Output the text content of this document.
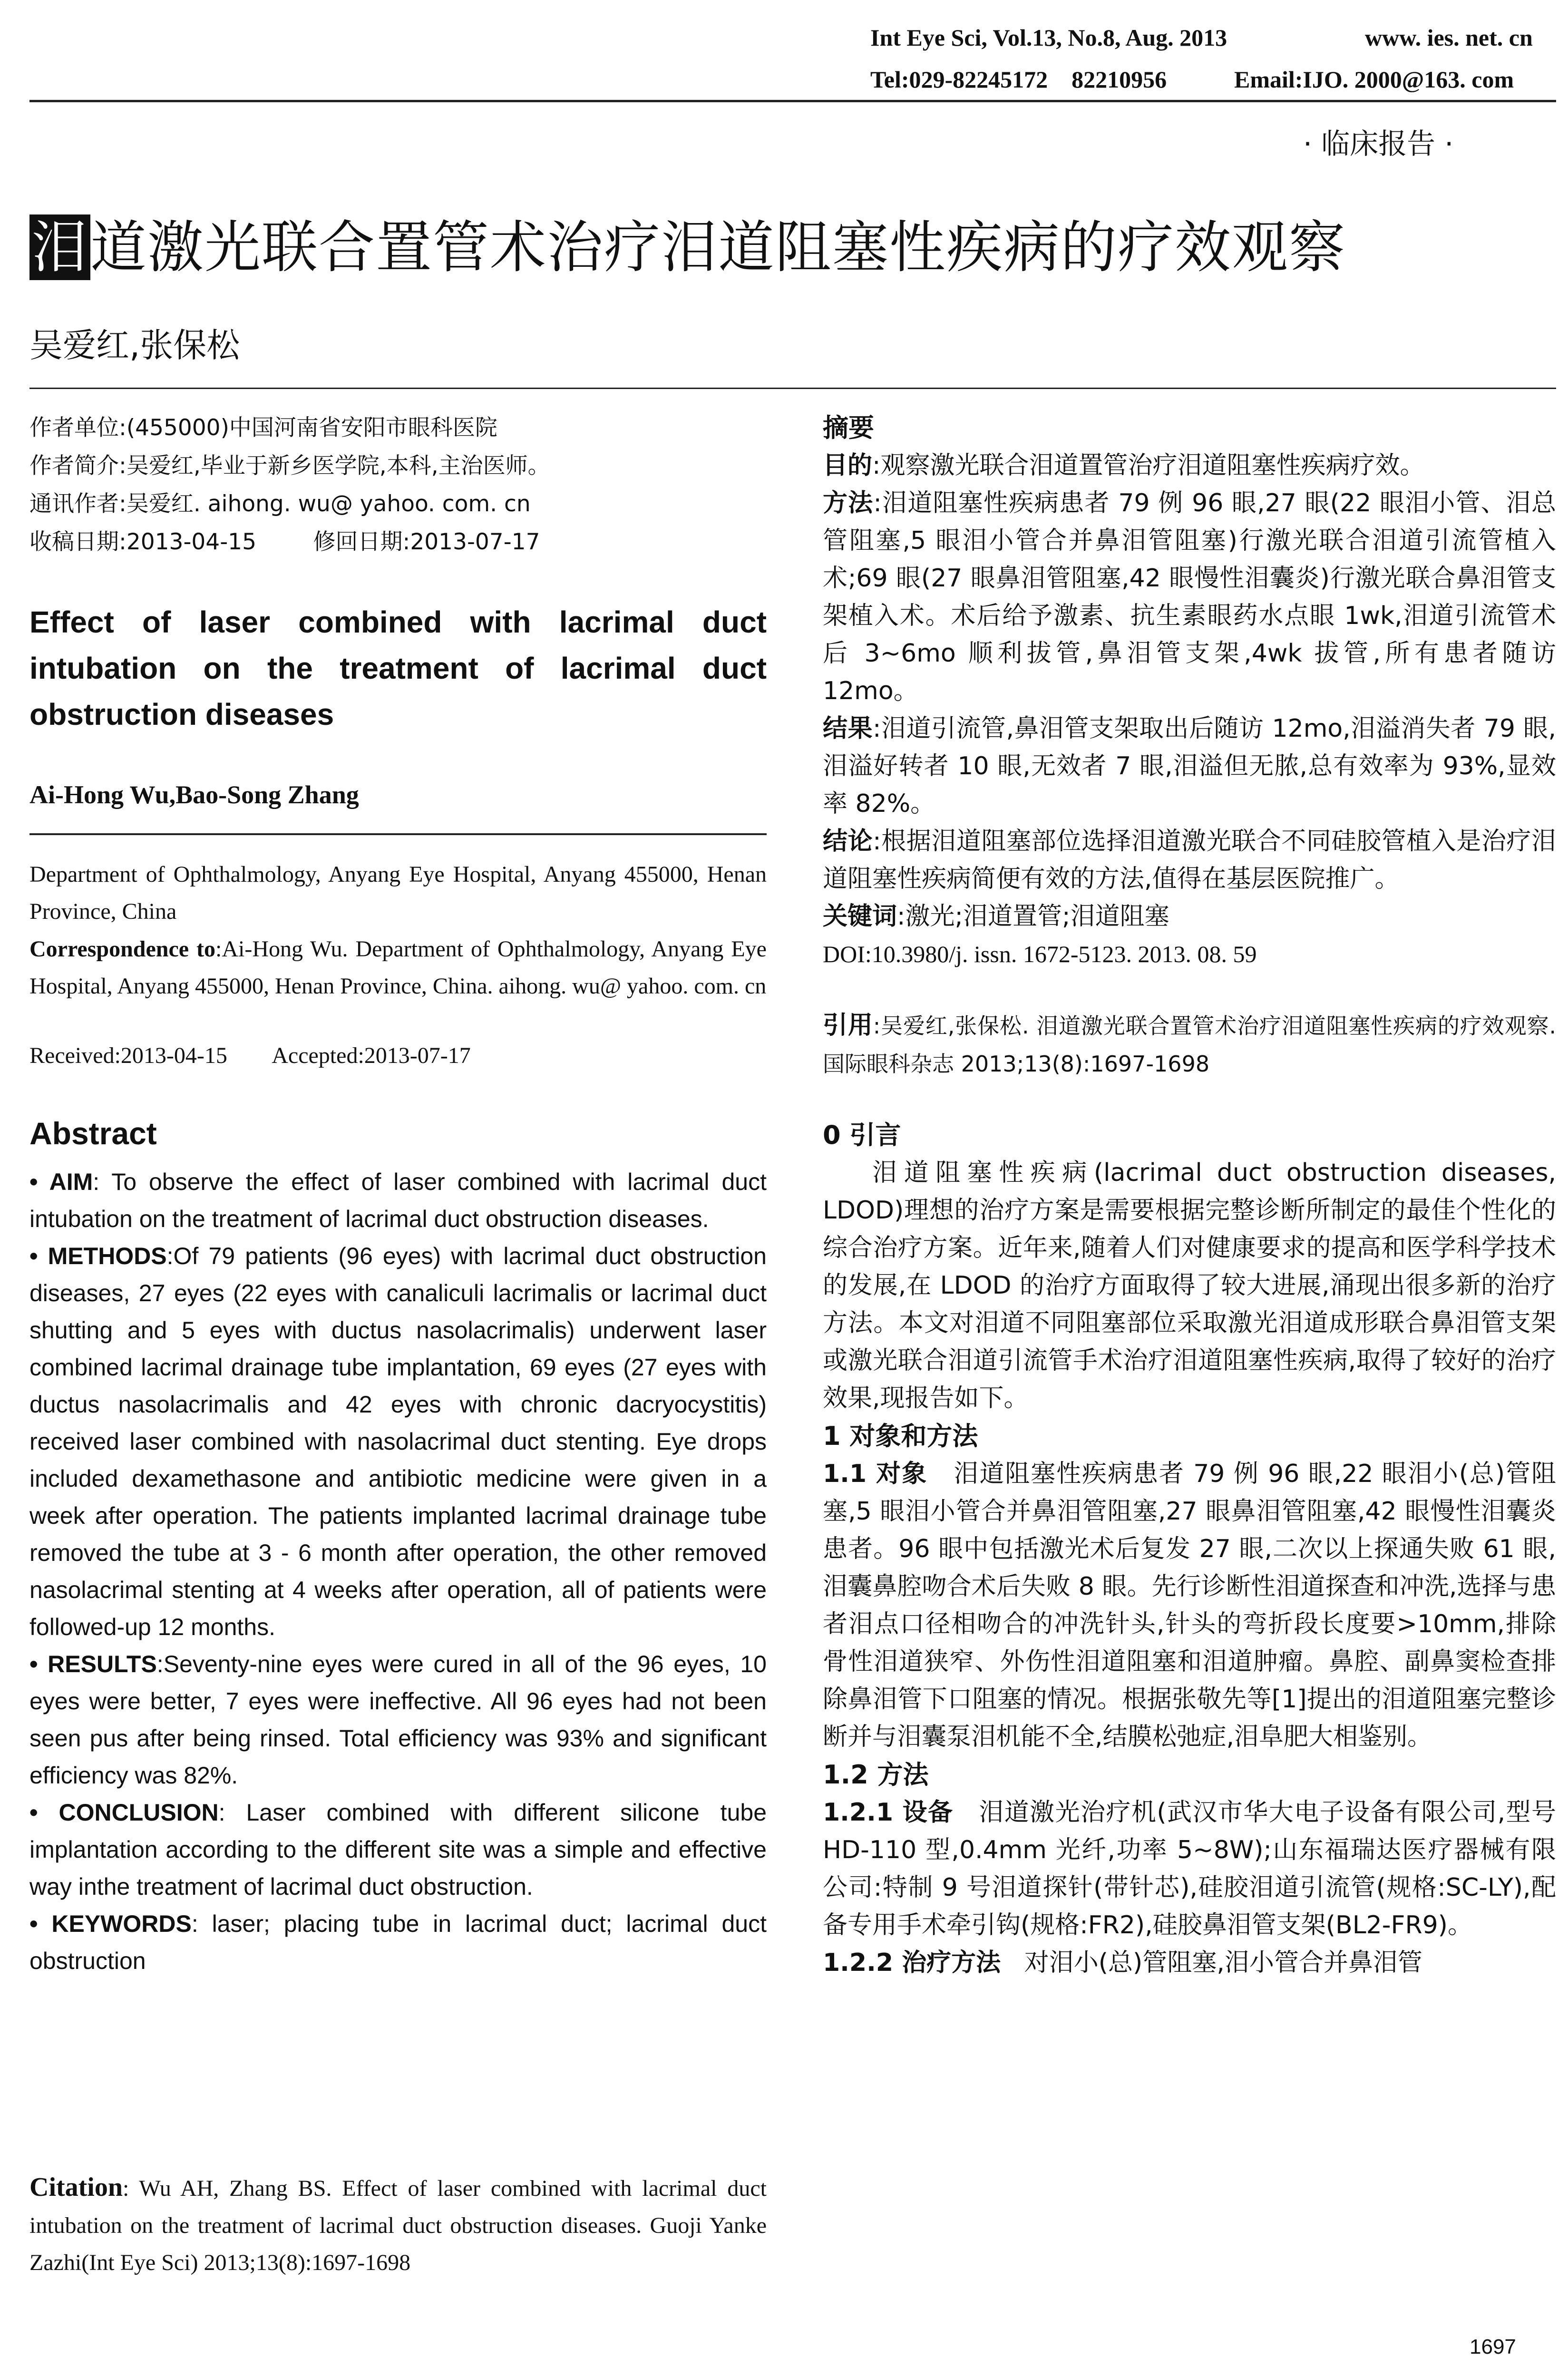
Int Eye Sci, Vol.13, No.8, Aug. 2013	www. ies. net. cn
Tel:029-82245172    82210956	Email:IJO. 2000@163. com
· 临床报告 ·
泪道激光联合置管术治疗泪道阻塞性疾病的疗效观察
吴爱红,张保松
作者单位:(455000)中国河南省安阳市眼科医院
作者简介:吴爱红,毕业于新乡医学院,本科,主治医师。
通讯作者:吴爱红. aihong. wu@ yahoo. com. cn
收稿日期:2013-04-15        修回日期:2013-07-17
Effect of laser combined with lacrimal duct intubation on the treatment of lacrimal duct obstruction diseases
Ai-Hong Wu,Bao-Song Zhang
Department of Ophthalmology, Anyang Eye Hospital, Anyang 455000, Henan Province, China
Correspondence to:Ai-Hong Wu. Department of Ophthalmology, Anyang Eye Hospital, Anyang 455000, Henan Province, China. aihong. wu@ yahoo. com. cn
Received:2013-04-15        Accepted:2013-07-17
Abstract
• AIM: To observe the effect of laser combined with lacrimal duct intubation on the treatment of lacrimal duct obstruction diseases.
• METHODS:Of 79 patients (96 eyes) with lacrimal duct obstruction diseases, 27 eyes (22 eyes with canaliculi lacrimalis or lacrimal duct shutting and 5 eyes with ductus nasolacrimalis) underwent laser combined lacrimal drainage tube implantation, 69 eyes (27 eyes with ductus nasolacrimalis and 42 eyes with chronic dacryocystitis) received laser combined with nasolacrimal duct stenting. Eye drops included dexamethasone and antibiotic medicine were given in a week after operation. The patients implanted lacrimal drainage tube removed the tube at 3 - 6 month after operation, the other removed nasolacrimal stenting at 4 weeks after operation, all of patients were followed-up 12 months.
• RESULTS:Seventy-nine eyes were cured in all of the 96 eyes, 10 eyes were better, 7 eyes were ineffective. All 96 eyes had not been seen pus after being rinsed. Total efficiency was 93% and significant efficiency was 82%.
• CONCLUSION: Laser combined with different silicone tube implantation according to the different site was a simple and effective way inthe treatment of lacrimal duct obstruction.
• KEYWORDS: laser; placing tube in lacrimal duct; lacrimal duct obstruction
Citation: Wu AH, Zhang BS. Effect of laser combined with lacrimal duct intubation on the treatment of lacrimal duct obstruction diseases. Guoji Yanke Zazhi(Int Eye Sci) 2013;13(8):1697-1698
摘要
目的:观察激光联合泪道置管治疗泪道阻塞性疾病疗效。
方法:泪道阻塞性疾病患者 79 例 96 眼,27 眼(22 眼泪小管、泪总管阻塞,5 眼泪小管合并鼻泪管阻塞)行激光联合泪道引流管植入术;69 眼(27 眼鼻泪管阻塞,42 眼慢性泪囊炎)行激光联合鼻泪管支架植入术。术后给予激素、抗生素眼药水点眼 1wk,泪道引流管术后 3~6mo 顺利拔管,鼻泪管支架,4wk 拔管,所有患者随访 12mo。
结果:泪道引流管,鼻泪管支架取出后随访 12mo,泪溢消失者 79 眼,泪溢好转者 10 眼,无效者 7 眼,泪溢但无脓,总有效率为 93%,显效率 82%。
结论:根据泪道阻塞部位选择泪道激光联合不同硅胶管植入是治疗泪道阻塞性疾病简便有效的方法,值得在基层医院推广。
关键词:激光;泪道置管;泪道阻塞
DOI:10.3980/j. issn. 1672-5123. 2013. 08. 59
引用:吴爱红,张保松. 泪道激光联合置管术治疗泪道阻塞性疾病的疗效观察. 国际眼科杂志 2013;13(8):1697-1698
0 引言
泪道阻塞性疾病(lacrimal duct obstruction diseases, LDOD)理想的治疗方案是需要根据完整诊断所制定的最佳个性化的综合治疗方案。近年来,随着人们对健康要求的提高和医学科学技术的发展,在 LDOD 的治疗方面取得了较大进展,涌现出很多新的治疗方法。本文对泪道不同阻塞部位采取激光泪道成形联合鼻泪管支架或激光联合泪道引流管手术治疗泪道阻塞性疾病,取得了较好的治疗效果,现报告如下。
1 对象和方法
1.1 对象 泪道阻塞性疾病患者 79 例 96 眼,22 眼泪小(总)管阻塞,5 眼泪小管合并鼻泪管阻塞,27 眼鼻泪管阻塞,42 眼慢性泪囊炎患者。96 眼中包括激光术后复发 27 眼,二次以上探通失败 61 眼,泪囊鼻腔吻合术后失败 8 眼。先行诊断性泪道探查和冲洗,选择与患者泪点口径相吻合的冲洗针头,针头的弯折段长度要>10mm,排除骨性泪道狭窄、外伤性泪道阻塞和泪道肿瘤。鼻腔、副鼻窦检查排除鼻泪管下口阻塞的情况。根据张敬先等[1]提出的泪道阻塞完整诊断并与泪囊泵泪机能不全,结膜松弛症,泪阜肥大相鉴别。
1.2 方法
1.2.1 设备 泪道激光治疗机(武汉市华大电子设备有限公司,型号 HD-110 型,0.4mm 光纤,功率 5~8W);山东福瑞达医疗器械有限公司:特制 9 号泪道探针(带针芯),硅胶泪道引流管(规格:SC-LY),配备专用手术牵引钩(规格:FR2),硅胶鼻泪管支架(BL2-FR9)。
1.2.2 治疗方法 对泪小(总)管阻塞,泪小管合并鼻泪管
1697
